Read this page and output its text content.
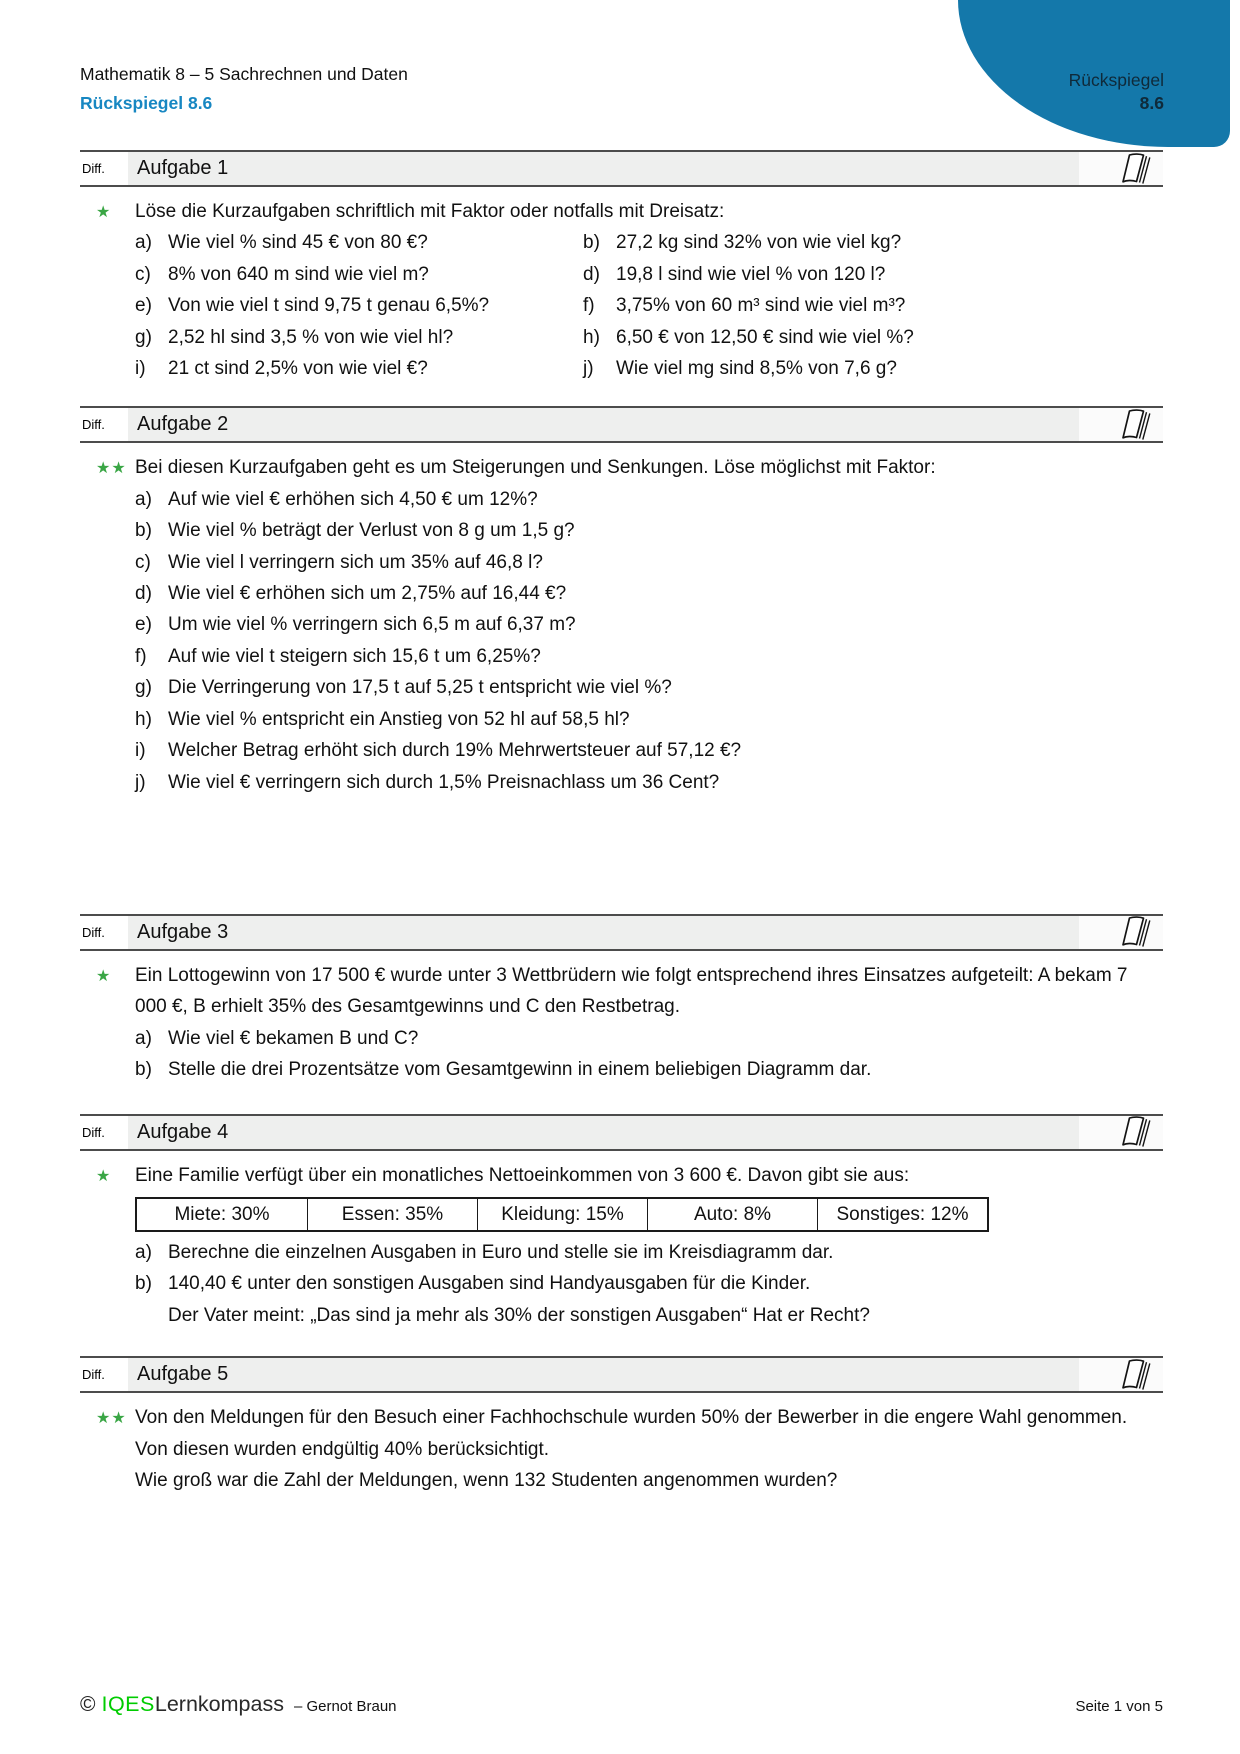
Rückspiegel
8.6

Mathematik 8 – 5 Sachrechnen und Daten

Rückspiegel 8.6

Diff.	Aufgabe 1
★	Löse die Kurzaufgaben schriftlich mit Faktor oder notfalls mit Dreisatz:

a) Wie viel % sind 45 € von 80 €?	b) 27,2 kg sind 32% von wie viel kg?
c) 8% von 640 m sind wie viel m?	d) 19,8 l sind wie viel % von 120 l?
e) Von wie viel t sind 9,75 t genau 6,5%?	f)	3,75% von 60 m³ sind wie viel m³?
g) 2,52 hl sind 3,5 % von wie viel hl?	h) 6,50 € von 12,50 € sind wie viel %?
i)	21 ct sind 2,5% von wie viel €?	j)	Wie viel mg sind 8,5% von 7,6 g?
Diff.	Aufgabe 2
★★ Bei diesen Kurzaufgaben geht es um Steigerungen und Senkungen. Löse möglichst mit Faktor:

a) Auf wie viel € erhöhen sich 4,50 € um 12%?
b) Wie viel % beträgt der Verlust von 8 g um 1,5 g?
c) Wie viel l verringern sich um 35% auf 46,8 l?
d) Wie viel € erhöhen sich um 2,75% auf 16,44 €?
e) Um wie viel % verringern sich 6,5 m auf 6,37 m?
f)	Auf wie viel t steigern sich 15,6 t um 6,25%?
g) Die Verringerung von 17,5 t auf 5,25 t entspricht wie viel %?
h) Wie viel % entspricht ein Anstieg von 52 hl auf 58,5 hl?
i)	Welcher Betrag erhöht sich durch 19% Mehrwertsteuer auf 57,12 €?
j)	Wie viel € verringern sich durch 1,5% Preisnachlass um 36 Cent?
Diff.	Aufgabe 3
★	Ein Lottogewinn von 17 500 € wurde unter 3 Wettbrüdern wie folgt entsprechend ihres Einsatzes aufgeteilt: A bekam 7 000 €, B erhielt 35% des Gesamtgewinns und C den Restbetrag.

a) Wie viel € bekamen B und C?
b) Stelle die drei Prozentsätze vom Gesamtgewinn in einem beliebigen Diagramm dar.
Diff.	Aufgabe 4
★	Eine Familie verfügt über ein monatliches Nettoeinkommen von 3 600 €. Davon gibt sie aus:

Miete: 30%	Essen: 35%	Kleidung: 15%	Auto: 8%	Sonstiges: 12%
a) Berechne die einzelnen Ausgaben in Euro und stelle sie im Kreisdiagramm dar.
b) 140,40 € unter den sonstigen Ausgaben sind Handyausgaben für die Kinder.
Der Vater meint: „Das sind ja mehr als 30% der sonstigen Ausgaben“ Hat er Recht?
Diff.	Aufgabe 5
★★ Von den Meldungen für den Besuch einer Fachhochschule wurden 50% der Bewerber in die engere Wahl genommen. Von diesen wurden endgültig 40% berücksichtigt.

Wie groß war die Zahl der Meldungen, wenn 132 Studenten angenommen wurden?

© IQES Lernkompass – Gernot Braun	Seite 1 von 5
